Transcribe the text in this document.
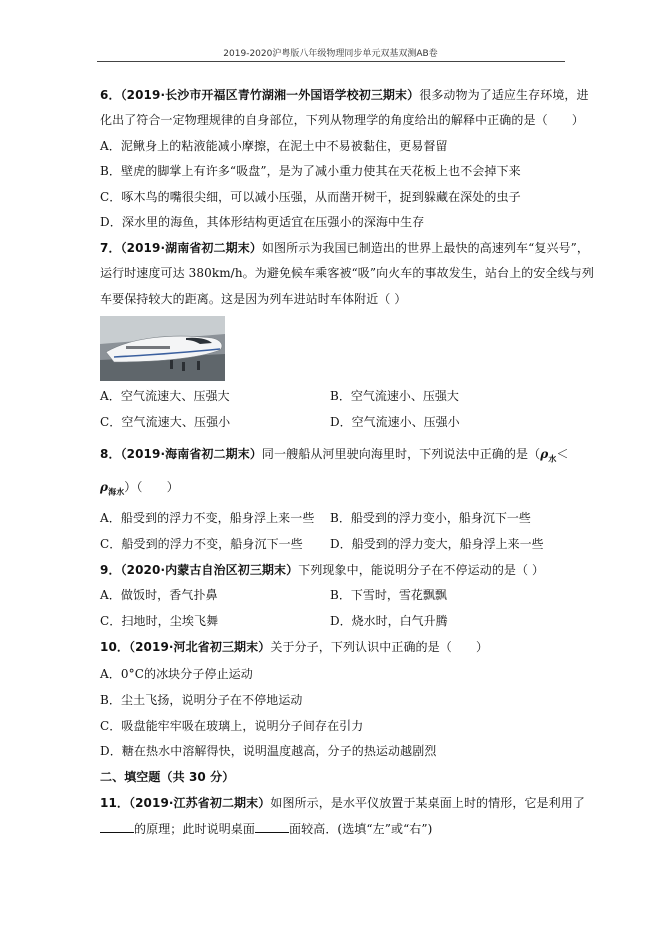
2019-2020沪粤版八年级物理同步单元双基双测AB卷
6．（2019·长沙市开福区青竹湖湘一外国语学校初三期末）很多动物为了适应生存环境，进
化出了符合一定物理规律的自身部位，下列从物理学的角度给出的解释中正确的是（　　）
A．泥鳅身上的粘液能减小摩擦，在泥土中不易被黏住，更易督留
B．壁虎的脚掌上有许多“吸盘”，是为了减小重力使其在天花板上也不会掉下来
C．啄木鸟的嘴很尖细，可以减小压强，从而凿开树干，捉到躲藏在深处的虫子
D．深水里的海鱼，其体形结构更适宜在压强小的深海中生存
7．（2019·湖南省初二期末）如图所示为我国已制造出的世界上最快的高速列车“复兴号”，
运行时速度可达 380km/h。为避免候车乘客被“吸”向火车的事故发生，站台上的安全线与列
车要保持较大的距离。这是因为列车进站时车体附近（ ）
A．空气流速大、压强大	B．空气流速小、压强大
C．空气流速大、压强小	D．空气流速小、压强小
8．（2019·海南省初二期末）同一艘船从河里驶向海里时，下列说法中正确的是（$\rho_水<$
$\rho_{海水}$）（　　）
A．船受到的浮力不变，船身浮上来一些 B．船受到的浮力变小，船身沉下一些
C．船受到的浮力不变，船身沉下一些 D．船受到的浮力变大，船身浮上来一些
9．（2020·内蒙古自治区初三期末）下列现象中，能说明分子在不停运动的是（ ）
A．做饭时，香气扑鼻	B．下雪时，雪花飘飘
C．扫地时，尘埃飞舞	D．烧水时，白气升腾
10．（2019·河北省初三期末）关于分子，下列认识中正确的是（　　）
A．0°C的冰块分子停止运动
B．尘土飞扬，说明分子在不停地运动
C．吸盘能牢牢吸在玻璃上，说明分子间存在引力
D．糖在热水中溶解得快，说明温度越高，分子的热运动越剧烈
二、填空题（共 30 分）
11．（2019·江苏省初二期末）如图所示，是水平仪放置于某桌面上时的情形，它是利用了
的原理；此时说明桌面	面较高．(选填“左”或“右”)
